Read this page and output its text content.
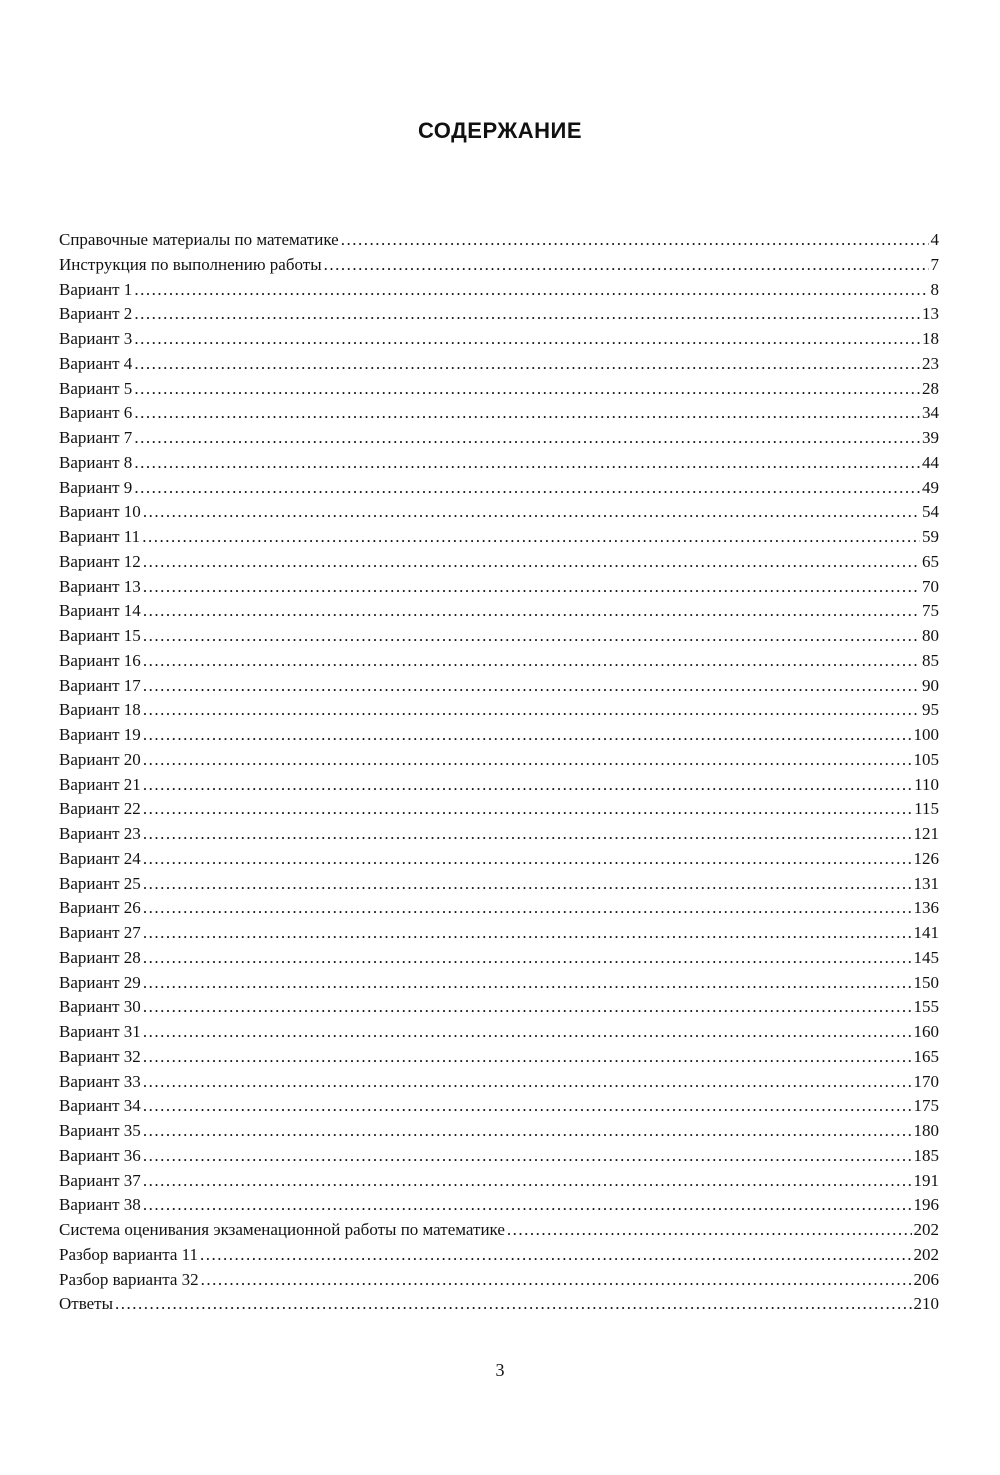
СОДЕРЖАНИЕ
Справочные материалы по математике .....	4
Инструкция по выполнению работы .....	7
Вариант 1 .....	8
Вариант 2 .....	13
Вариант 3 .....	18
Вариант 4 .....	23
Вариант 5 .....	28
Вариант 6 .....	34
Вариант 7 .....	39
Вариант 8 .....	44
Вариант 9 .....	49
Вариант 10 .....	54
Вариант 11 .....	59
Вариант 12 .....	65
Вариант 13 .....	70
Вариант 14 .....	75
Вариант 15 .....	80
Вариант 16 .....	85
Вариант 17 .....	90
Вариант 18 .....	95
Вариант 19 .....	100
Вариант 20 .....	105
Вариант 21 .....	110
Вариант 22 .....	115
Вариант 23 .....	121
Вариант 24 .....	126
Вариант 25 .....	131
Вариант 26 .....	136
Вариант 27 .....	141
Вариант 28 .....	145
Вариант 29 .....	150
Вариант 30 .....	155
Вариант 31 .....	160
Вариант 32 .....	165
Вариант 33 .....	170
Вариант 34 .....	175
Вариант 35 .....	180
Вариант 36 .....	185
Вариант 37 .....	191
Вариант 38 .....	196
Система оценивания экзаменационной работы по математике .....	202
Разбор варианта 11 .....	202
Разбор варианта 32 .....	206
Ответы .....	210
3
